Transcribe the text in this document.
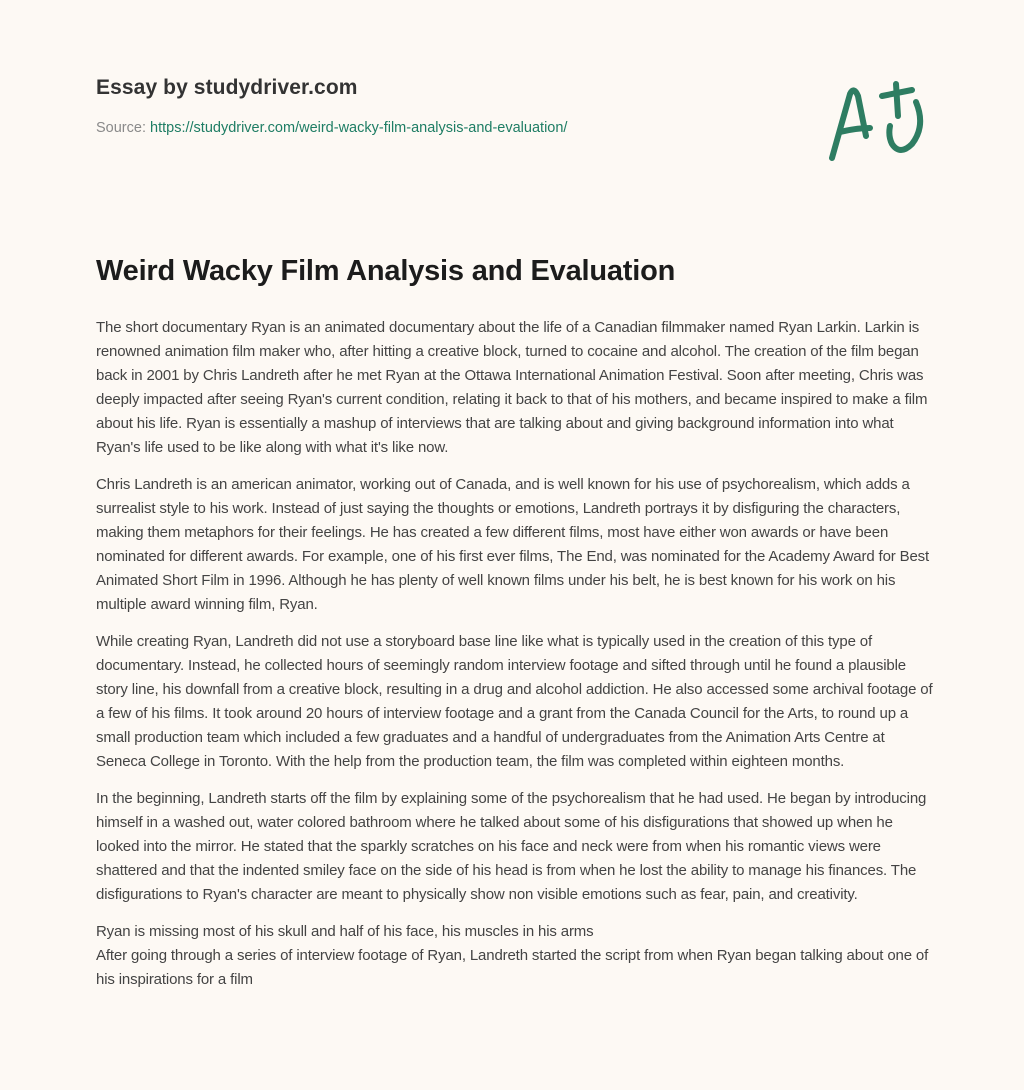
Essay by studydriver.com
Source: https://studydriver.com/weird-wacky-film-analysis-and-evaluation/
Weird Wacky Film Analysis and Evaluation

The short documentary Ryan is an animated documentary about the life of a Canadian filmmaker named Ryan Larkin. Larkin is renowned animation film maker who, after hitting a creative block, turned to cocaine and alcohol. The creation of the film began back in 2001 by Chris Landreth after he met Ryan at the Ottawa International Animation Festival. Soon after meeting, Chris was deeply impacted after seeing Ryan's current condition, relating it back to that of his mothers, and became inspired to make a film about his life. Ryan is essentially a mashup of interviews that are talking about and giving background information into what Ryan's life used to be like along with what it's like now.

Chris Landreth is an american animator, working out of Canada, and is well known for his use of psychorealism, which adds a surrealist style to his work. Instead of just saying the thoughts or emotions, Landreth portrays it by disfiguring the characters, making them metaphors for their feelings. He has created a few different films, most have either won awards or have been nominated for different awards. For example, one of his first ever films, The End, was nominated for the Academy Award for Best Animated Short Film in 1996. Although he has plenty of well known films under his belt, he is best known for his work on his multiple award winning film, Ryan.

While creating Ryan, Landreth did not use a storyboard base line like what is typically used in the creation of this type of documentary. Instead, he collected hours of seemingly random interview footage and sifted through until he found a plausible story line, his downfall from a creative block, resulting in a drug and alcohol addiction. He also accessed some archival footage of a few of his films. It took around 20 hours of interview footage and a grant from the Canada Council for the Arts, to round up a small production team which included a few graduates and a handful of undergraduates from the Animation Arts Centre at Seneca College in Toronto. With the help from the production team, the film was completed within eighteen months.

In the beginning, Landreth starts off the film by explaining some of the psychorealism that he had used. He began by introducing himself in a washed out, water colored bathroom where he talked about some of his disfigurations that showed up when he looked into the mirror. He stated that the sparkly scratches on his face and neck were from when his romantic views were shattered and that the indented smiley face on the side of his head is from when he lost the ability to manage his finances. The disfigurations to Ryan's character are meant to physically show non visible emotions such as fear, pain, and creativity.

Ryan is missing most of his skull and half of his face, his muscles in his arms

After going through a series of interview footage of Ryan, Landreth started the script from when Ryan began talking about one of his inspirations for a film
